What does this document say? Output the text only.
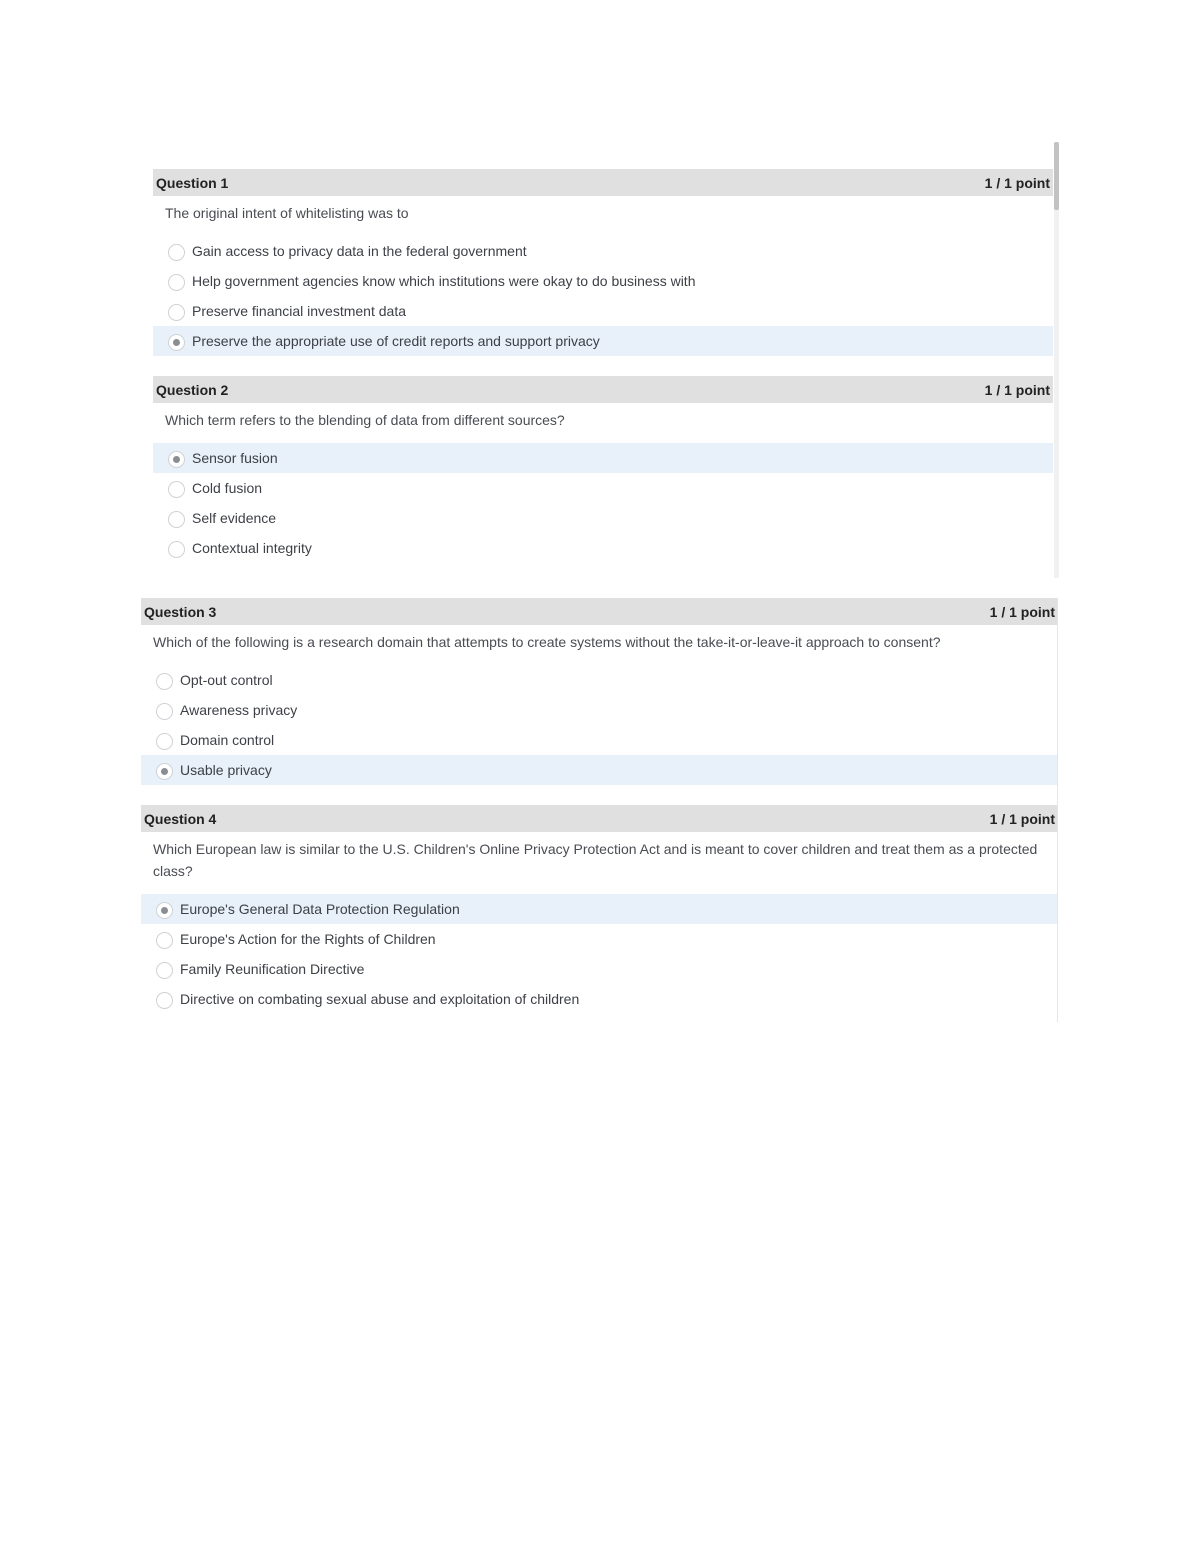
Question 1	1 / 1 point
The original intent of whitelisting was to
Gain access to privacy data in the federal government
Help government agencies know which institutions were okay to do business with
Preserve financial investment data
Preserve the appropriate use of credit reports and support privacy
Question 2	1 / 1 point
Which term refers to the blending of data from different sources?
Sensor fusion
Cold fusion
Self evidence
Contextual integrity
Question 3	1 / 1 point
Which of the following is a research domain that attempts to create systems without the take-it-or-leave-it approach to consent?
Opt-out control
Awareness privacy
Domain control
Usable privacy
Question 4	1 / 1 point
Which European law is similar to the U.S. Children's Online Privacy Protection Act and is meant to cover children and treat them as a protected class?
Europe's General Data Protection Regulation
Europe's Action for the Rights of Children
Family Reunification Directive
Directive on combating sexual abuse and exploitation of children
